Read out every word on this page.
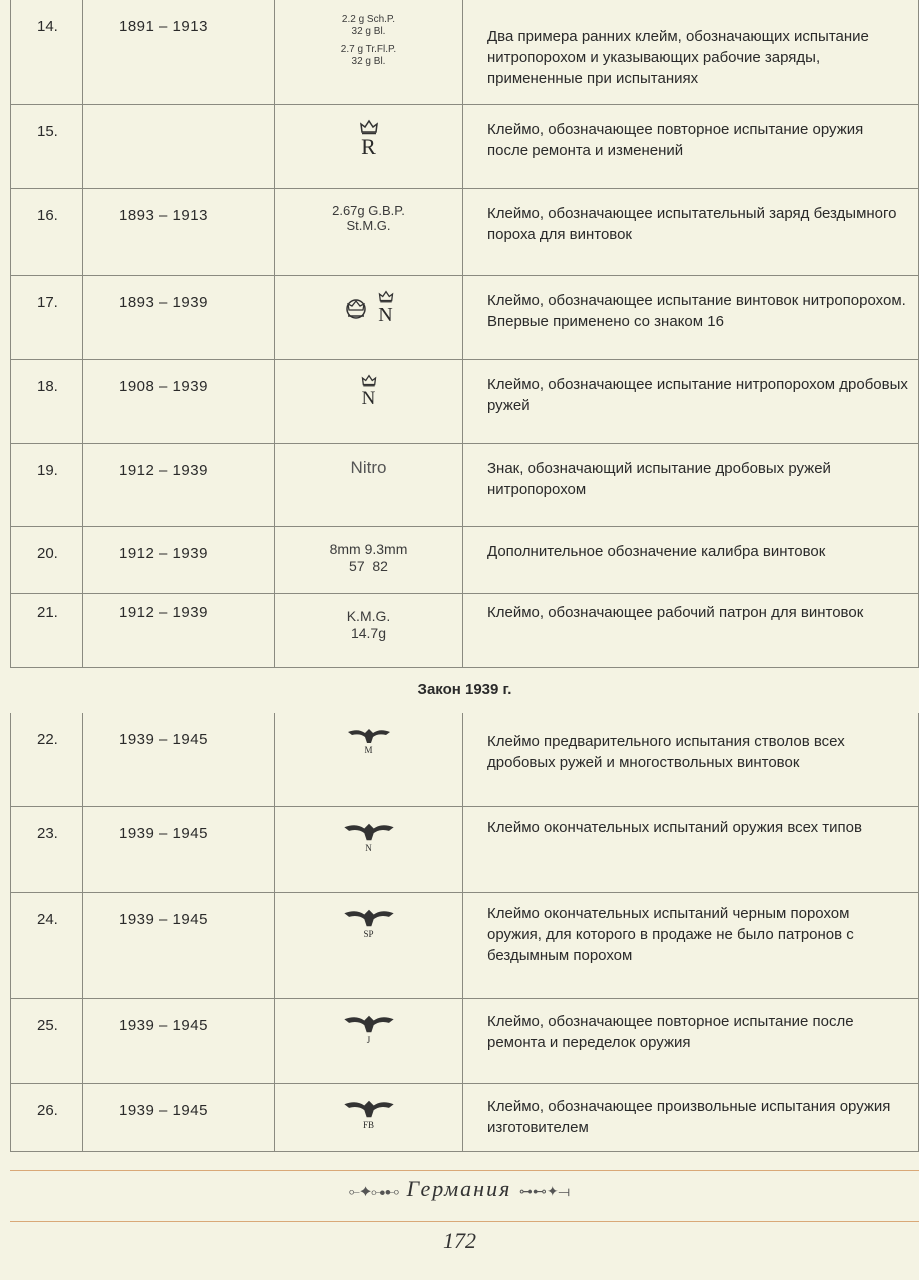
14.	1891 – 1913	2.2 g Sch.P.
32 g Bl.
2.7 g Tr.Fl.P.
32 g Bl.	Два примера ранних клейм, обозначающих испытание нитропорохом и указывающих рабочие заряды, примененные при испытаниях
15.		R	Клеймо, обозначающее повторное испытание оружия после ремонта и изменений
16.	1893 – 1913	2.67g G.B.P.
St.M.G.	Клеймо, обозначающее испытательный заряд бездымного пороха для винтовок
17.	1893 – 1939	N	Клеймо, обозначающее испытание винтовок нитропорохом. Впервые применено со знаком 16
18.	1908 – 1939	N	Клеймо, обозначающее испытание нитропорохом дробовых ружей
19.	1912 – 1939	Nitro	Знак, обозначающий испытание дробовых ружей нитропорохом
20.	1912 – 1939	8mm 9.3mm
57  82	Дополнительное обозначение калибра винтовок
21.	1912 – 1939	K.M.G.
14.7g	Клеймо, обозначающее рабочий патрон для винтовок
Закон 1939 г.
22.	1939 – 1945	M	Клеймо предварительного испытания стволов всех дробовых ружей и многоствольных винтовок
23.	1939 – 1945	N	Клеймо окончательных испытаний оружия всех типов
24.	1939 – 1945	SP	Клеймо окончательных испытаний черным порохом оружия, для которого в продаже не было патронов с бездымным порохом
25.	1939 – 1945	J	Клеймо, обозначающее повторное испытание после ремонта и переделок оружия
26.	1939 – 1945	FB	Клеймо, обозначающее произвольные испытания оружия изготовителем
⟜✦⊶⊷ Германия ⊶⊷✦⟞
172
